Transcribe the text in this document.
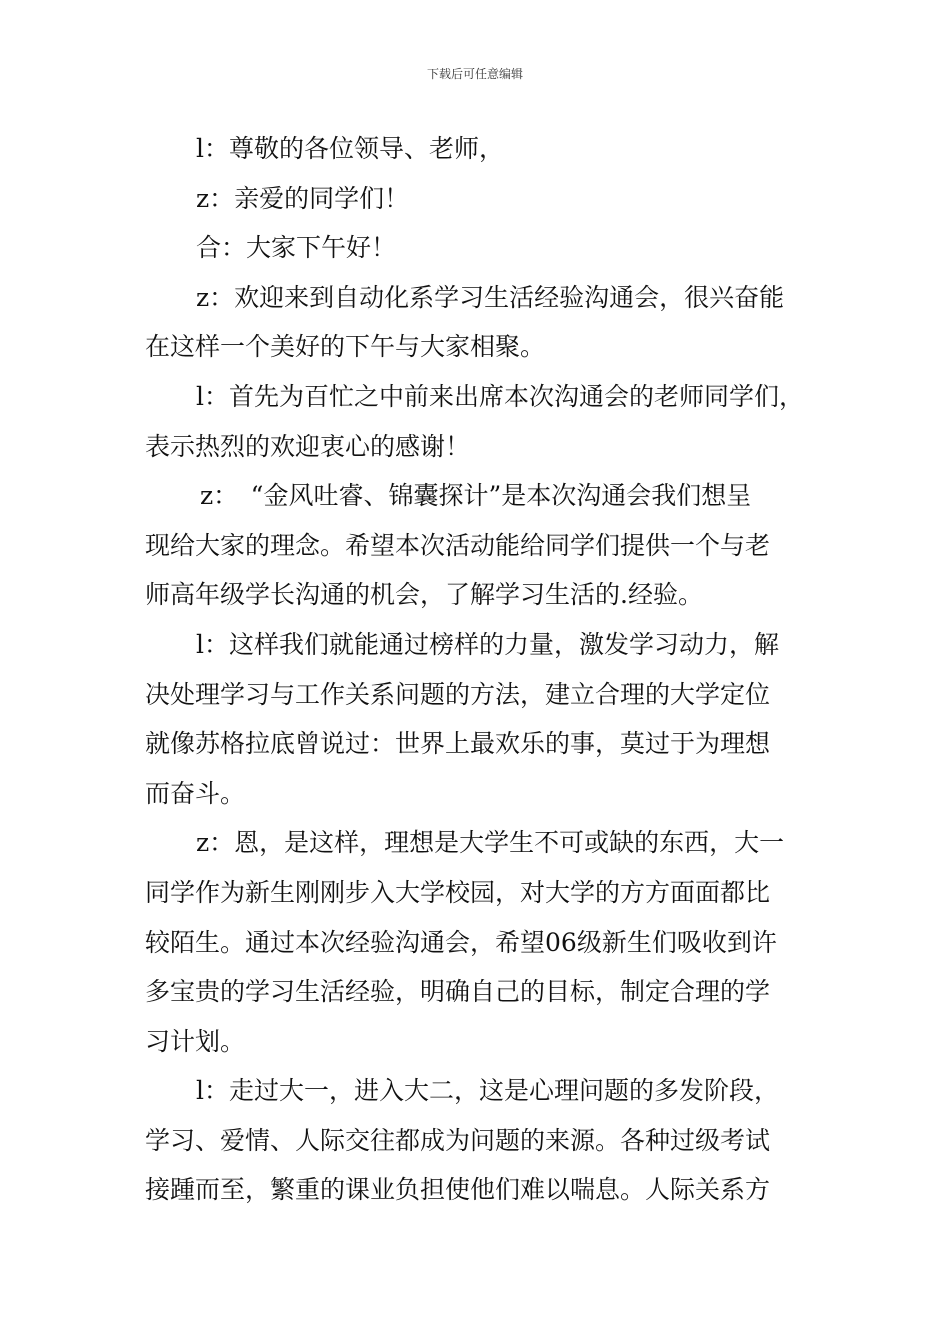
下载后可任意编辑
l：尊敬的各位领导、老师，
z：亲爱的同学们！
合：大家下午好！
z：欢迎来到自动化系学习生活经验沟通会，很兴奋能
在这样一个美好的下午与大家相聚。
l：首先为百忙之中前来出席本次沟通会的老师同学们，
表示热烈的欢迎衷心的感谢！
z：　“金风吐睿、锦囊探计”是本次沟通会我们想呈
现给大家的理念。希望本次活动能给同学们提供一个与老
师高年级学长沟通的机会，了解学习生活的.经验。
l：这样我们就能通过榜样的力量，激发学习动力，解
决处理学习与工作关系问题的方法，建立合理的大学定位
就像苏格拉底曾说过：世界上最欢乐的事，莫过于为理想
而奋斗。
z：恩，是这样，理想是大学生不可或缺的东西，大一
同学作为新生刚刚步入大学校园，对大学的方方面面都比
较陌生。通过本次经验沟通会，希望06级新生们吸收到许
多宝贵的学习生活经验，明确自己的目标，制定合理的学
习计划。
l：走过大一，进入大二，这是心理问题的多发阶段，
学习、爱情、人际交往都成为问题的来源。各种过级考试
接踵而至，繁重的课业负担使他们难以喘息。人际关系方
